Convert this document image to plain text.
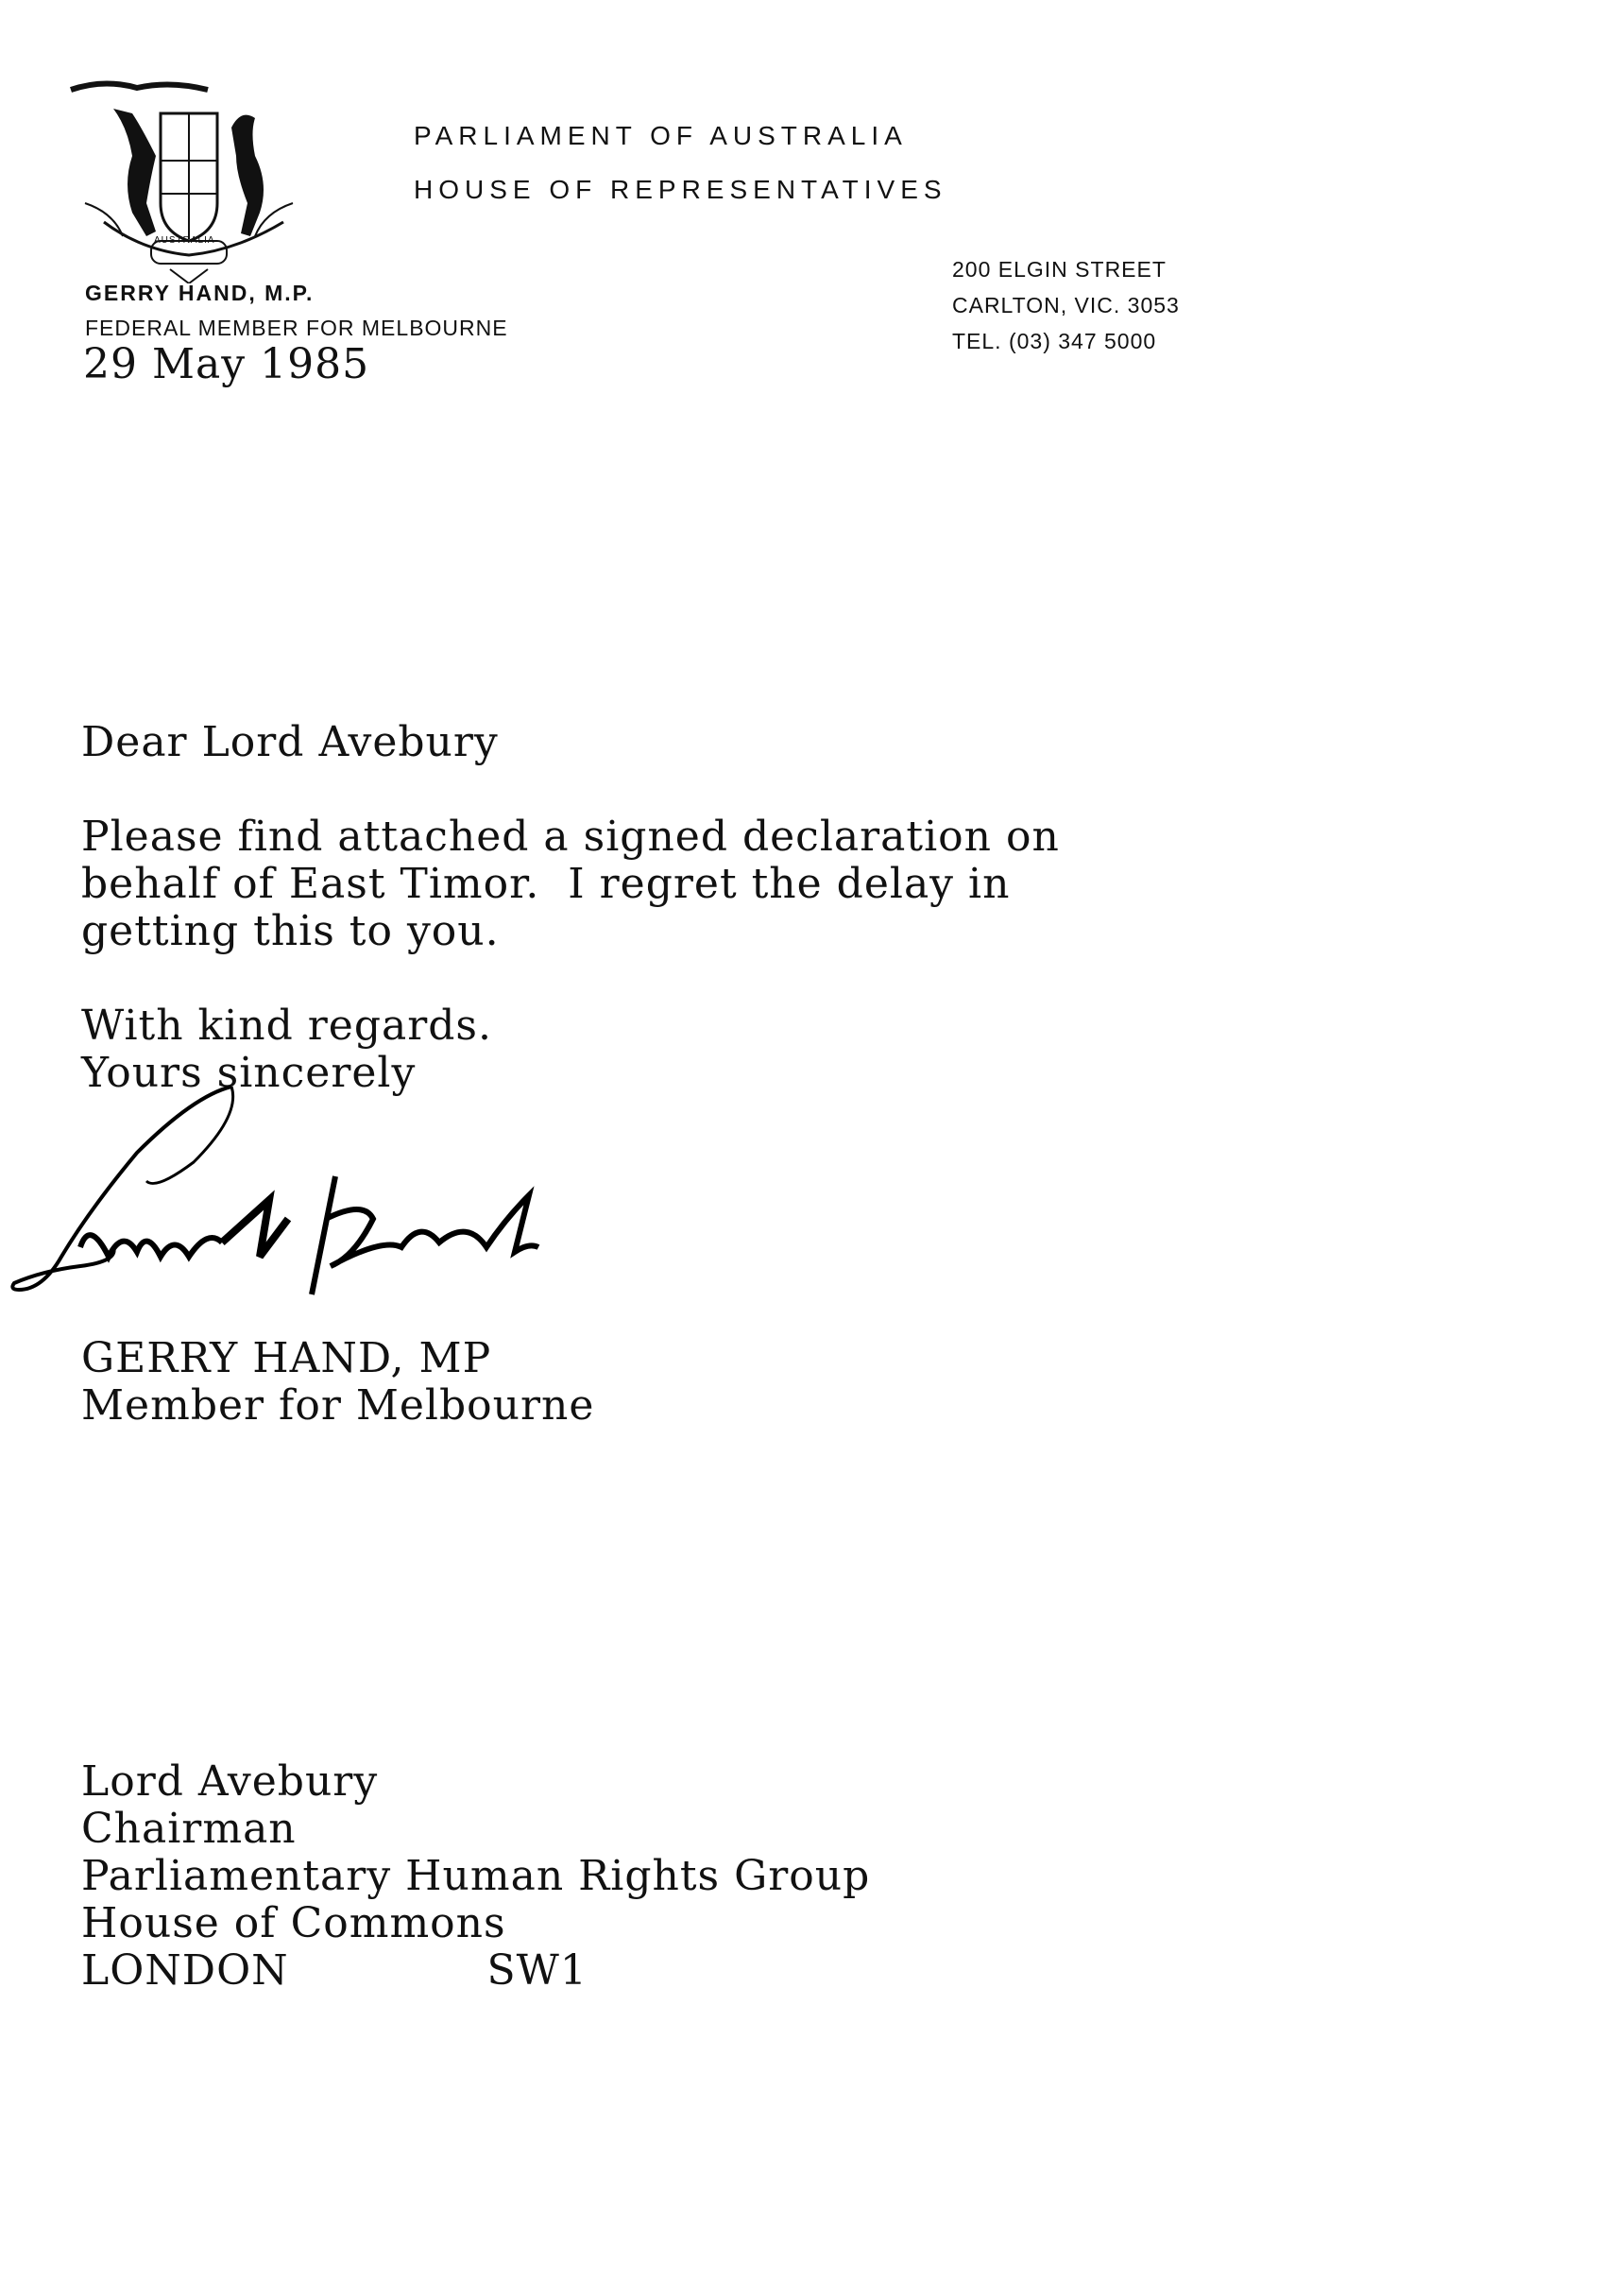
AUSTRALIA
PARLIAMENT OF AUSTRALIA
HOUSE OF REPRESENTATIVES
GERRY HAND, M.P.
FEDERAL MEMBER FOR MELBOURNE
200 ELGIN STREET
CARLTON, VIC. 3053
TEL. (03) 347 5000
29 May 1985
Dear Lord Avebury
Please find attached a signed declaration on
behalf of East Timor.  I regret the delay in
getting this to you.
With kind regards.
Yours sincerely
GERRY HAND, MP
Member for Melbourne
Lord Avebury
Chairman
Parliamentary Human Rights Group
House of Commons
LONDON              SW1
